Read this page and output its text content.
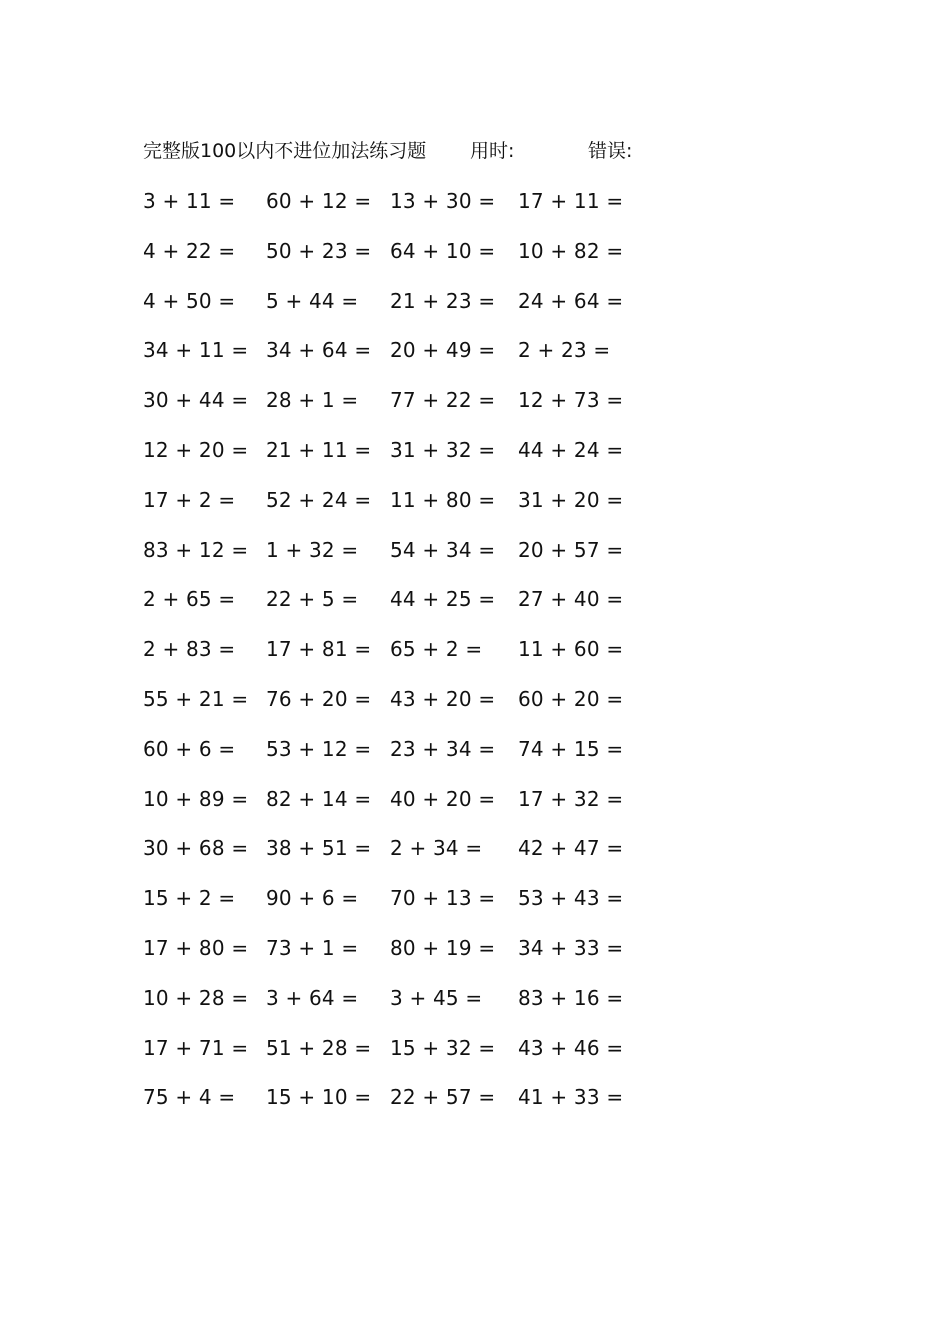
完整版100以内不进位加法练习题 用时:	错误:
3 + 11 = 60 + 12 = 13 + 30 = 17 + 11 =
4 + 22 = 50 + 23 = 64 + 10 = 10 + 82 =
4 + 50 = 5 + 44 = 21 + 23 = 24 + 64 =
34 + 11 = 34 + 64 = 20 + 49 = 2 + 23 =
30 + 44 = 28 + 1 = 77 + 22 = 12 + 73 =
12 + 20 = 21 + 11 = 31 + 32 = 44 + 24 =
17 + 2 = 52 + 24 = 11 + 80 = 31 + 20 =
83 + 12 = 1 + 32 = 54 + 34 = 20 + 57 =
2 + 65 = 22 + 5 = 44 + 25 = 27 + 40 =
2 + 83 = 17 + 81 = 65 + 2 = 11 + 60 =
55 + 21 = 76 + 20 = 43 + 20 = 60 + 20 =
60 + 6 = 53 + 12 = 23 + 34 = 74 + 15 =
10 + 89 = 82 + 14 = 40 + 20 = 17 + 32 =
30 + 68 = 38 + 51 = 2 + 34 = 42 + 47 =
15 + 2 = 90 + 6 = 70 + 13 = 53 + 43 =
17 + 80 = 73 + 1 = 80 + 19 = 34 + 33 =
10 + 28 = 3 + 64 = 3 + 45 = 83 + 16 =
17 + 71 = 51 + 28 = 15 + 32 = 43 + 46 =
75 + 4 = 15 + 10 = 22 + 57 = 41 + 33 =
